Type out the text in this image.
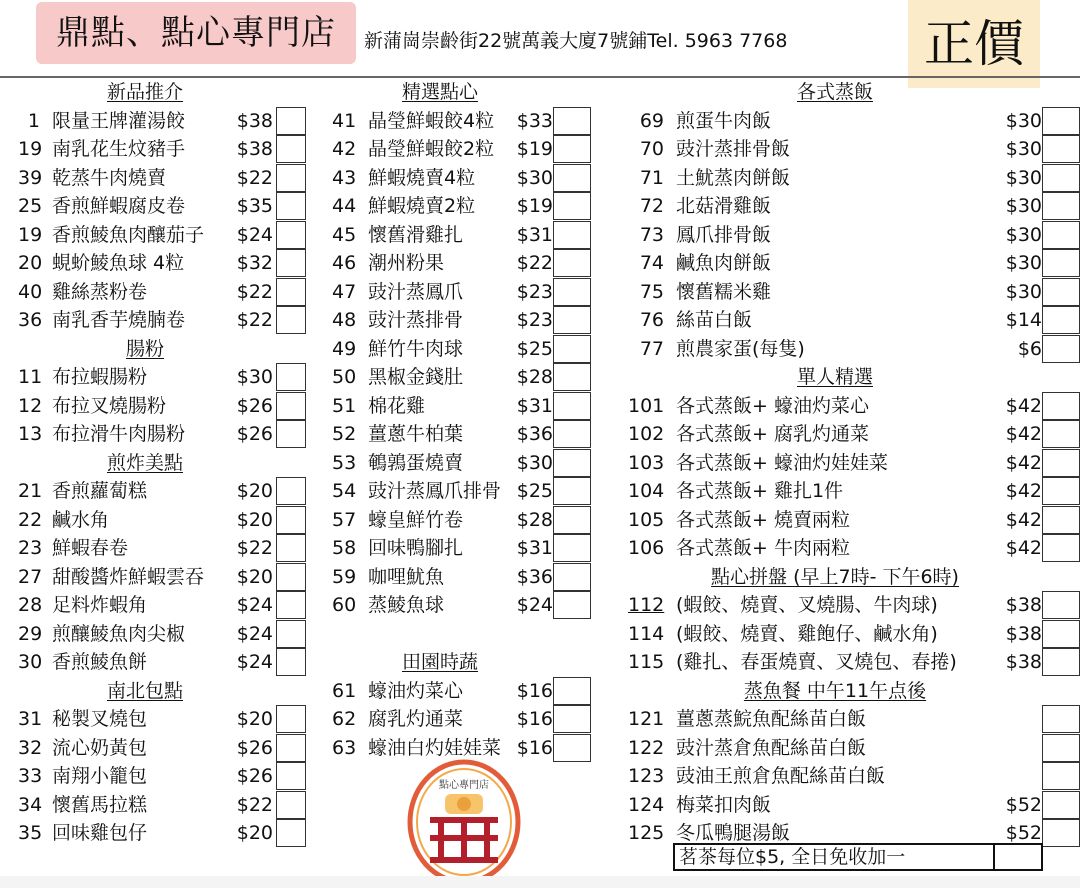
鼎點、點心專門店	新蒲崗崇齡街22號萬義大廈7號鋪Tel. 5963 7768	正價
新品推介
1 限量王牌灌湯餃	$38
19 南乳花生炆豬手	$38
39 乾蒸牛肉燒賣	$22
25 香煎鮮蝦腐皮卷	$35
19 香煎鯪魚肉釀茄子 $24
20 蜆蚧鯪魚球 4粒	$32
40 雞絲蒸粉卷	$22
36 南乳香芋燒腩卷	$22
腸粉
11 布拉蝦腸粉	$30
12 布拉叉燒腸粉	$26
13 布拉滑牛肉腸粉	$26
煎炸美點
21 香煎蘿蔔糕	$20
22 鹹水角	$20
23 鮮蝦春卷	$22
27 甜酸醬炸鮮蝦雲吞 $20
28 足料炸蝦角	$24
29 煎釀鯪魚肉尖椒	$24
30 香煎鯪魚餅	$24
南北包點
31 秘製叉燒包	$20
32 流心奶黃包	$26
33 南翔小籠包	$26
34 懷舊馬拉糕	$22
35 回味雞包仔	$20
精選點心
41 晶瑩鮮蝦餃4粒 $33
42 晶瑩鮮蝦餃2粒 $19
43 鮮蝦燒賣4粒 $30
44 鮮蝦燒賣2粒 $19
45 懷舊滑雞扎	$31
46 潮州粉果	$22
47 豉汁蒸鳳爪	$23
48 豉汁蒸排骨	$23
49 鮮竹牛肉球	$25
50 黑椒金錢肚	$28
51 棉花雞	$31
52 薑蔥牛柏葉	$36
53 鵪鶉蛋燒賣	$30
54 豉汁蒸鳳爪排骨 $25
57 蠔皇鮮竹卷	$28
58 回味鴨腳扎	$31
59 咖哩魷魚	$36
60 蒸鯪魚球	$24
田園時蔬
61 蠔油灼菜心	$16
62 腐乳灼通菜	$16
63 蠔油白灼娃娃菜 $16
各式蒸飯
69 煎蛋牛肉飯	$30
70 豉汁蒸排骨飯	$30
71 土魷蒸肉餅飯	$30
72 北菇滑雞飯	$30
73 鳳爪排骨飯	$30
74 鹹魚肉餅飯	$30
75 懷舊糯米雞	$30
76 絲苗白飯	$14
77 煎農家蛋(每隻)	$6
單人精選
101 各式蒸飯+ 蠔油灼菜心	$42
102 各式蒸飯+ 腐乳灼通菜	$42
103 各式蒸飯+ 蠔油灼娃娃菜	$42
104 各式蒸飯+ 雞扎1件	$42
105 各式蒸飯+ 燒賣兩粒	$42
106 各式蒸飯+ 牛肉兩粒	$42
點心拼盤 (早上7時- 下午6時)
112 (蝦餃、燒賣、叉燒腸、牛肉球)	$38
114 (蝦餃、燒賣、雞飽仔、鹹水角)	$38
115 (雞扎、春蛋燒賣、叉燒包、春捲)	$38
蒸魚餐 中午11午点後
121 薑蔥蒸鯇魚配絲苗白飯
122 豉汁蒸倉魚配絲苗白飯
123 豉油王煎倉魚配絲苗白飯
124 梅菜扣肉飯	$52
125 冬瓜鴨腿湯飯	$52
茗茶每位$5, 全日免收加一
點心專門店
